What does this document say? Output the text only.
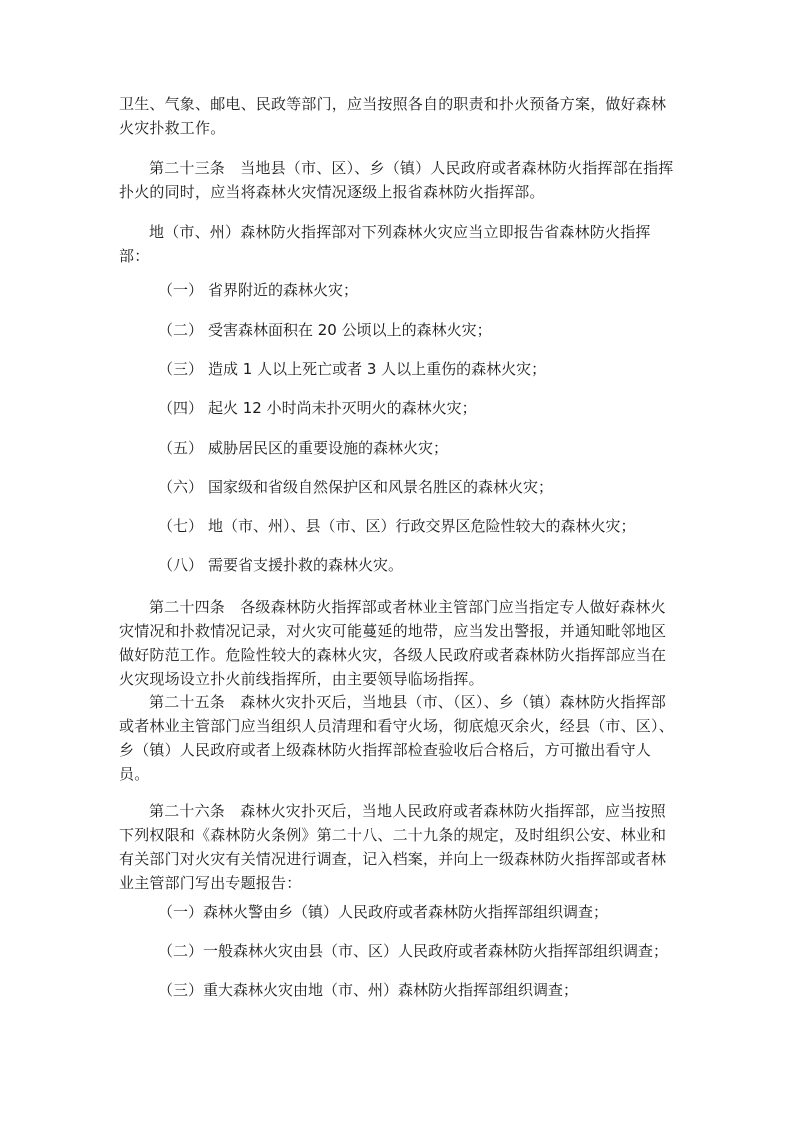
卫生、气象、邮电、民政等部门，应当按照各自的职责和扑火预备方案，做好森林火灾扑救工作。

第二十三条　当地县（市、区）、乡（镇）人民政府或者森林防火指挥部在指挥扑火的同时，应当将森林火灾情况逐级上报省森林防火指挥部。

地（市、州）森林防火指挥部对下列森林火灾应当立即报告省森林防火指挥部：

（一） 省界附近的森林火灾；

（二） 受害森林面积在 20 公顷以上的森林火灾；

（三） 造成 1 人以上死亡或者 3 人以上重伤的森林火灾；

（四） 起火 12 小时尚未扑灭明火的森林火灾；

（五） 威胁居民区的重要设施的森林火灾；

（六） 国家级和省级自然保护区和风景名胜区的森林火灾；

（七） 地（市、州）、县（市、区）行政交界区危险性较大的森林火灾；

（八） 需要省支援扑救的森林火灾。

第二十四条　各级森林防火指挥部或者林业主管部门应当指定专人做好森林火灾情况和扑救情况记录，对火灾可能蔓延的地带，应当发出警报，并通知毗邻地区做好防范工作。危险性较大的森林火灾，各级人民政府或者森林防火指挥部应当在火灾现场设立扑火前线指挥所，由主要领导临场指挥。

第二十五条　森林火灾扑灭后，当地县（市、（区）、乡（镇）森林防火指挥部或者林业主管部门应当组织人员清理和看守火场，彻底熄灭余火，经县（市、区）、乡（镇）人民政府或者上级森林防火指挥部检查验收后合格后，方可撤出看守人员。

第二十六条　森林火灾扑灭后，当地人民政府或者森林防火指挥部，应当按照下列权限和《森林防火条例》第二十八、二十九条的规定，及时组织公安、林业和有关部门对火灾有关情况进行调查，记入档案，并向上一级森林防火指挥部或者林业主管部门写出专题报告：

（一）森林火警由乡（镇）人民政府或者森林防火指挥部组织调查；

（二）一般森林火灾由县（市、区）人民政府或者森林防火指挥部组织调查；

（三）重大森林火灾由地（市、州）森林防火指挥部组织调查；
